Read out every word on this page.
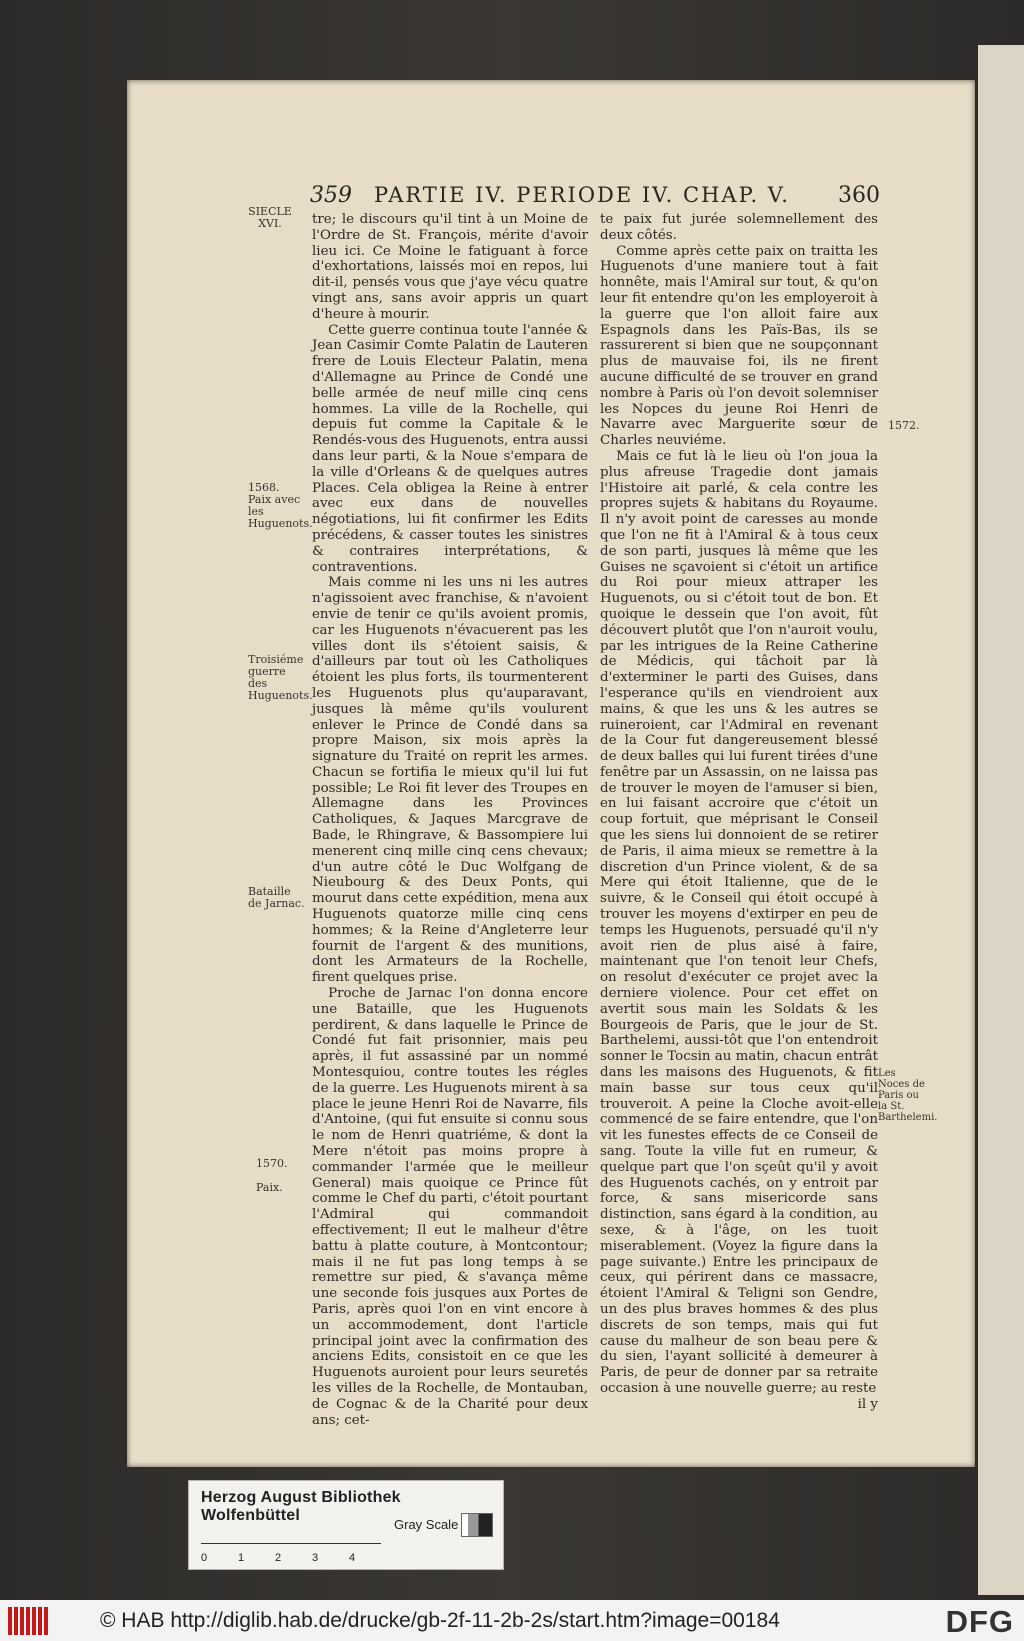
359 PARTIE IV. PERIODE IV. CHAP. V. 360
SIECLE XVI.
1568. Paix avec les Huguenots.
Troisiéme guerre des Huguenots.
Bataille de Jarnac.
1570.
Paix.
1572.
Les Noces de Paris ou la St. Barthelemi.

tre; le discours qu'il tint à un Moine de l'Ordre de St. François, mérite d'avoir lieu ici. Ce Moine le fatiguant à force d'exhortations, laissés moi en repos, lui dit-il, pensés vous que j'aye vécu quatre vingt ans, sans avoir appris un quart d'heure à mourir.

Cette guerre continua toute l'année & Jean Casimir Comte Palatin de Lauteren frere de Louis Electeur Palatin, mena d'Allemagne au Prince de Condé une belle armée de neuf mille cinq cens hommes. La ville de la Rochelle, qui depuis fut comme la Capitale & le Rendés-vous des Huguenots, entra aussi dans leur parti, & la Noue s'empara de la ville d'Orleans & de quelques autres Places. Cela obligea la Reine à entrer avec eux dans de nouvelles négotiations, lui fit confirmer les Edits précédens, & casser toutes les sinistres & contraires interprétations, & contraventions.

Mais comme ni les uns ni les autres n'agissoient avec franchise, & n'avoient envie de tenir ce qu'ils avoient promis, car les Huguenots n'évacuerent pas les villes dont ils s'étoient saisis, & d'ailleurs par tout où les Catholiques étoient les plus forts, ils tourmenterent les Huguenots plus qu'auparavant, jusques là même qu'ils voulurent enlever le Prince de Condé dans sa propre Maison, six mois après la signature du Traité on reprit les armes. Chacun se fortifia le mieux qu'il lui fut possible; Le Roi fit lever des Troupes en Allemagne dans les Provinces Catholiques, & Jaques Marcgrave de Bade, le Rhingrave, & Bassompiere lui menerent cinq mille cinq cens chevaux; d'un autre côté le Duc Wolfgang de Nieubourg & des Deux Ponts, qui mourut dans cette expédition, mena aux Huguenots quatorze mille cinq cens hommes; & la Reine d'Angleterre leur fournit de l'argent & des munitions, dont les Armateurs de la Rochelle, firent quelques prise.

Proche de Jarnac l'on donna encore une Bataille, que les Huguenots perdirent, & dans laquelle le Prince de Condé fut fait prisonnier, mais peu après, il fut assassiné par un nommé Montesquiou, contre toutes les régles de la guerre. Les Huguenots mirent à sa place le jeune Henri Roi de Navarre, fils d'Antoine, (qui fut ensuite si connu sous le nom de Henri quatriéme, & dont la Mere n'étoit pas moins propre à commander l'armée que le meilleur General) mais quoique ce Prince fût comme le Chef du parti, c'étoit pourtant l'Admiral qui commandoit effectivement; Il eut le malheur d'être battu à platte couture, à Montcontour; mais il ne fut pas long temps à se remettre sur pied, & s'avança même une seconde fois jusques aux Portes de Paris, après quoi l'on en vint encore à un accommodement, dont l'article principal joint avec la confirmation des anciens Edits, consistoit en ce que les Huguenots auroient pour leurs seuretés les villes de la Rochelle, de Montauban, de Cognac & de la Charité pour deux ans; cet-

te paix fut jurée solemnellement des deux côtés.

Comme après cette paix on traitta les Huguenots d'une maniere tout à fait honnête, mais l'Amiral sur tout, & qu'on leur fit entendre qu'on les employeroit à la guerre que l'on alloit faire aux Espagnols dans les Païs-Bas, ils se rassurerent si bien que ne soupçonnant plus de mauvaise foi, ils ne firent aucune difficulté de se trouver en grand nombre à Paris où l'on devoit solemniser les Nopces du jeune Roi Henri de Navarre avec Marguerite sœur de Charles neuviéme.

Mais ce fut là le lieu où l'on joua la plus afreuse Tragedie dont jamais l'Histoire ait parlé, & cela contre les propres sujets & habitans du Royaume. Il n'y avoit point de caresses au monde que l'on ne fit à l'Amiral & à tous ceux de son parti, jusques là même que les Guises ne sçavoient si c'étoit un artifice du Roi pour mieux attraper les Huguenots, ou si c'étoit tout de bon. Et quoique le dessein que l'on avoit, fût découvert plutôt que l'on n'auroit voulu, par les intrigues de la Reine Catherine de Médicis, qui tâchoit par là d'exterminer le parti des Guises, dans l'esperance qu'ils en viendroient aux mains, & que les uns & les autres se ruineroient, car l'Admiral en revenant de la Cour fut dangereusement blessé de deux balles qui lui furent tirées d'une fenêtre par un Assassin, on ne laissa pas de trouver le moyen de l'amuser si bien, en lui faisant accroire que c'étoit un coup fortuit, que méprisant le Conseil que les siens lui donnoient de se retirer de Paris, il aima mieux se remettre à la discretion d'un Prince violent, & de sa Mere qui étoit Italienne, que de le suivre, & le Conseil qui étoit occupé à trouver les moyens d'extirper en peu de temps les Huguenots, persuadé qu'il n'y avoit rien de plus aisé à faire, maintenant que l'on tenoit leur Chefs, on resolut d'exécuter ce projet avec la derniere violence. Pour cet effet on avertit sous main les Soldats & les Bourgeois de Paris, que le jour de St. Barthelemi, aussi-tôt que l'on entendroit sonner le Tocsin au matin, chacun entrât dans les maisons des Huguenots, & fit main basse sur tous ceux qu'il trouveroit. A peine la Cloche avoit-elle commencé de se faire entendre, que l'on vit les funestes effects de ce Conseil de sang. Toute la ville fut en rumeur, & quelque part que l'on sçeût qu'il y avoit des Huguenots cachés, on y entroit par force, & sans misericorde sans distinction, sans égard à la condition, au sexe, & à l'âge, on les tuoit miserablement. (Voyez la figure dans la page suivante.) Entre les principaux de ceux, qui périrent dans ce massacre, étoient l'Amiral & Teligni son Gendre, un des plus braves hommes & des plus discrets de son temps, mais qui fut cause du malheur de son beau pere & du sien, l'ayant sollicité à demeurer à Paris, de peur de donner par sa retraite occasion à une nouvelle guerre; au reste

il y

Herzog August Bibliothek Wolfenbüttel
Gray Scale
0	1	2	3	4
© HAB http://diglib.hab.de/drucke/gb-2f-11-2b-2s/start.htm?image=00184	DFG
